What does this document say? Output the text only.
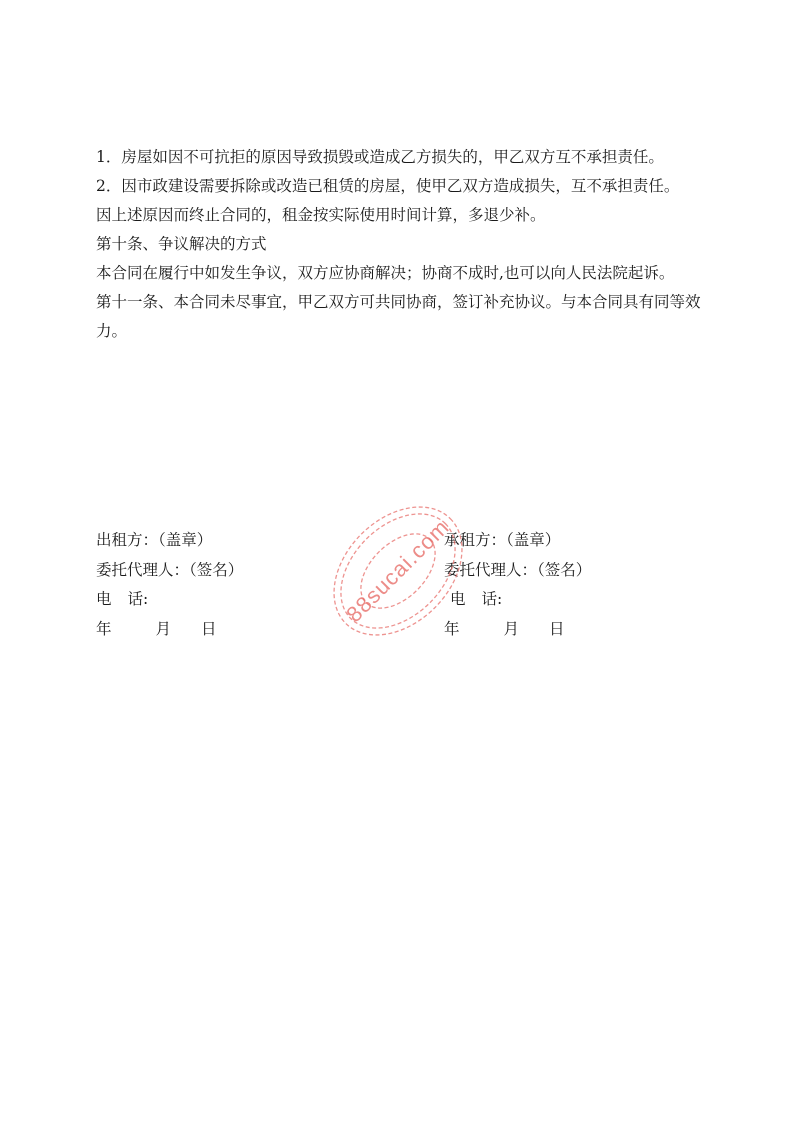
1．房屋如因不可抗拒的原因导致损毁或造成乙方损失的，甲乙双方互不承担责任。

2．因市政建设需要拆除或改造已租赁的房屋，使甲乙双方造成损失，互不承担责任。

因上述原因而终止合同的，租金按实际使用时间计算，多退少补。

第十条、争议解决的方式

本合同在履行中如发生争议，双方应协商解决；协商不成时,也可以向人民法院起诉。

第十一条、本合同未尽事宜，甲乙双方可共同协商，签订补充协议。与本合同具有同等效力。

出租方：（盖章）

委托代理人：（签名）

电 话:

年	月 日

承租方：（盖章）

委托代理人：（签名）

电 话:

年	月 日

88sucai.com
